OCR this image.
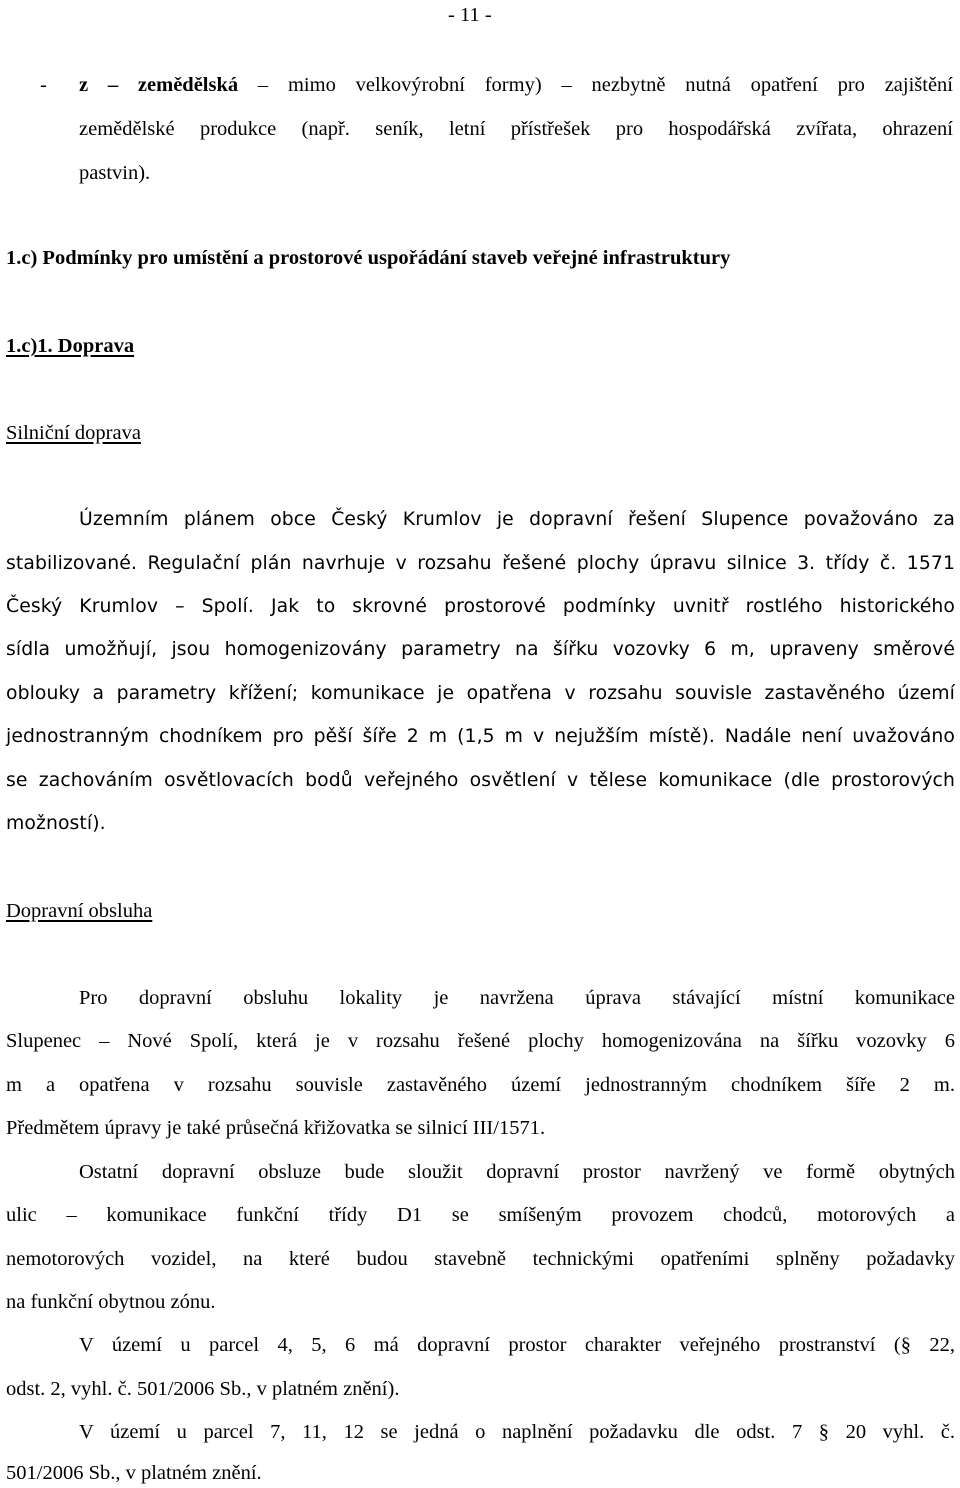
- 11 -
- z – zemědělská – mimo velkovýrobní formy) – nezbytně nutná opatření pro zajištění
zemědělské produkce (např. seník, letní přístřešek pro hospodářská zvířata, ohrazení
pastvin).
1.c) Podmínky pro umístění a prostorové uspořádání staveb veřejné infrastruktury
1.c)1. Doprava
Silniční doprava
Územním plánem obce Český Krumlov je dopravní řešení Slupence považováno za
stabilizované. Regulační plán navrhuje v rozsahu řešené plochy úpravu silnice 3. třídy č. 1571
Český Krumlov – Spolí. Jak to skrovné prostorové podmínky uvnitř rostlého historického
sídla umožňují, jsou homogenizovány parametry na šířku vozovky 6 m, upraveny směrové
oblouky a parametry křížení; komunikace je opatřena v rozsahu souvisle zastavěného území
jednostranným chodníkem pro pěší šíře 2 m (1,5 m v nejužším místě). Nadále není uvažováno
se zachováním osvětlovacích bodů veřejného osvětlení v tělese komunikace (dle prostorových
možností).
Dopravní obsluha
Pro dopravní obsluhu lokality je navržena úprava stávající místní komunikace
Slupenec – Nové Spolí, která je v rozsahu řešené plochy homogenizována na šířku vozovky 6
m a opatřena v rozsahu souvisle zastavěného území jednostranným chodníkem šíře 2 m.
Předmětem úpravy je také průsečná křižovatka se silnicí III/1571.
Ostatní dopravní obsluze bude sloužit dopravní prostor navržený ve formě obytných
ulic – komunikace funkční třídy D1 se smíšeným provozem chodců, motorových a
nemotorových vozidel, na které budou stavebně technickými opatřeními splněny požadavky
na funkční obytnou zónu.
V území u parcel 4, 5, 6 má dopravní prostor charakter veřejného prostranství (§ 22,
odst. 2, vyhl. č. 501/2006 Sb., v platném znění).
V území u parcel 7, 11, 12 se jedná o naplnění požadavku dle odst. 7 § 20 vyhl. č.
501/2006 Sb., v platném znění.
